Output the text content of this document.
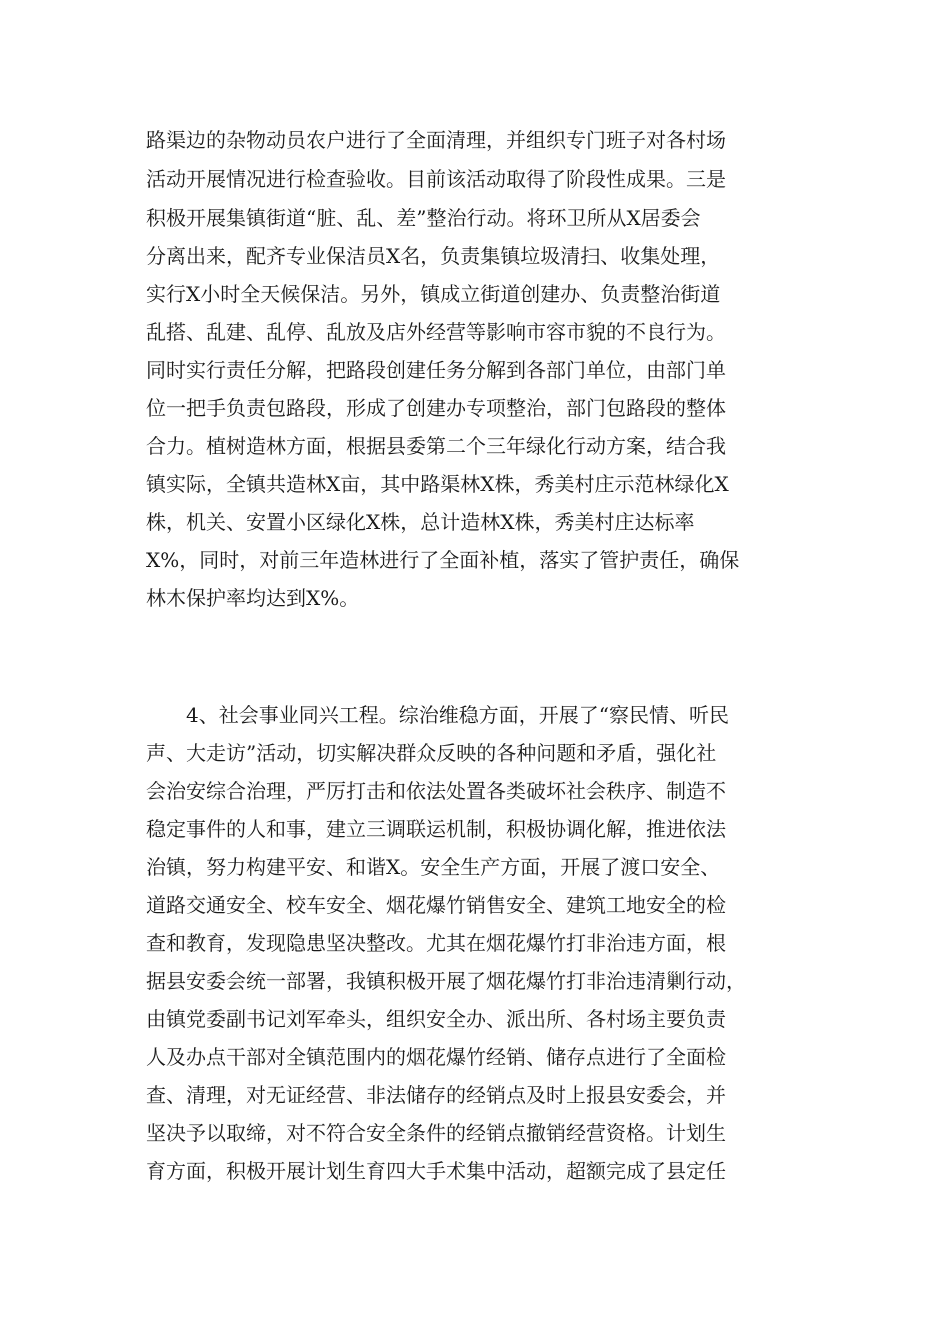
路渠边的杂物动员农户进行了全面清理，并组织专门班子对各村场

活动开展情况进行检查验收。目前该活动取得了阶段性成果。三是

积极开展集镇街道“脏、乱、差”整治行动。将环卫所从X居委会

分离出来，配齐专业保洁员X名，负责集镇垃圾清扫、收集处理，

实行X小时全天候保洁。另外，镇成立街道创建办、负责整治街道

乱搭、乱建、乱停、乱放及店外经营等影响市容市貌的不良行为。

同时实行责任分解，把路段创建任务分解到各部门单位，由部门单

位一把手负责包路段，形成了创建办专项整治，部门包路段的整体

合力。植树造林方面，根据县委第二个三年绿化行动方案，结合我

镇实际，全镇共造林X亩，其中路渠林X株，秀美村庄示范林绿化X

株，机关、安置小区绿化X株，总计造林X株，秀美村庄达标率

X%，同时，对前三年造林进行了全面补植，落实了管护责任，确保

林木保护率均达到X%。

　　4、社会事业同兴工程。综治维稳方面，开展了“察民情、听民

声、大走访”活动，切实解决群众反映的各种问题和矛盾，强化社

会治安综合治理，严厉打击和依法处置各类破坏社会秩序、制造不

稳定事件的人和事，建立三调联运机制，积极协调化解，推进依法

治镇，努力构建平安、和谐X。安全生产方面，开展了渡口安全、

道路交通安全、校车安全、烟花爆竹销售安全、建筑工地安全的检

查和教育，发现隐患坚决整改。尤其在烟花爆竹打非治违方面，根

据县安委会统一部署，我镇积极开展了烟花爆竹打非治违清剿行动，

由镇党委副书记刘军牵头，组织安全办、派出所、各村场主要负责

人及办点干部对全镇范围内的烟花爆竹经销、储存点进行了全面检

查、清理，对无证经营、非法储存的经销点及时上报县安委会，并

坚决予以取缔，对不符合安全条件的经销点撤销经营资格。计划生

育方面，积极开展计划生育四大手术集中活动，超额完成了县定任
